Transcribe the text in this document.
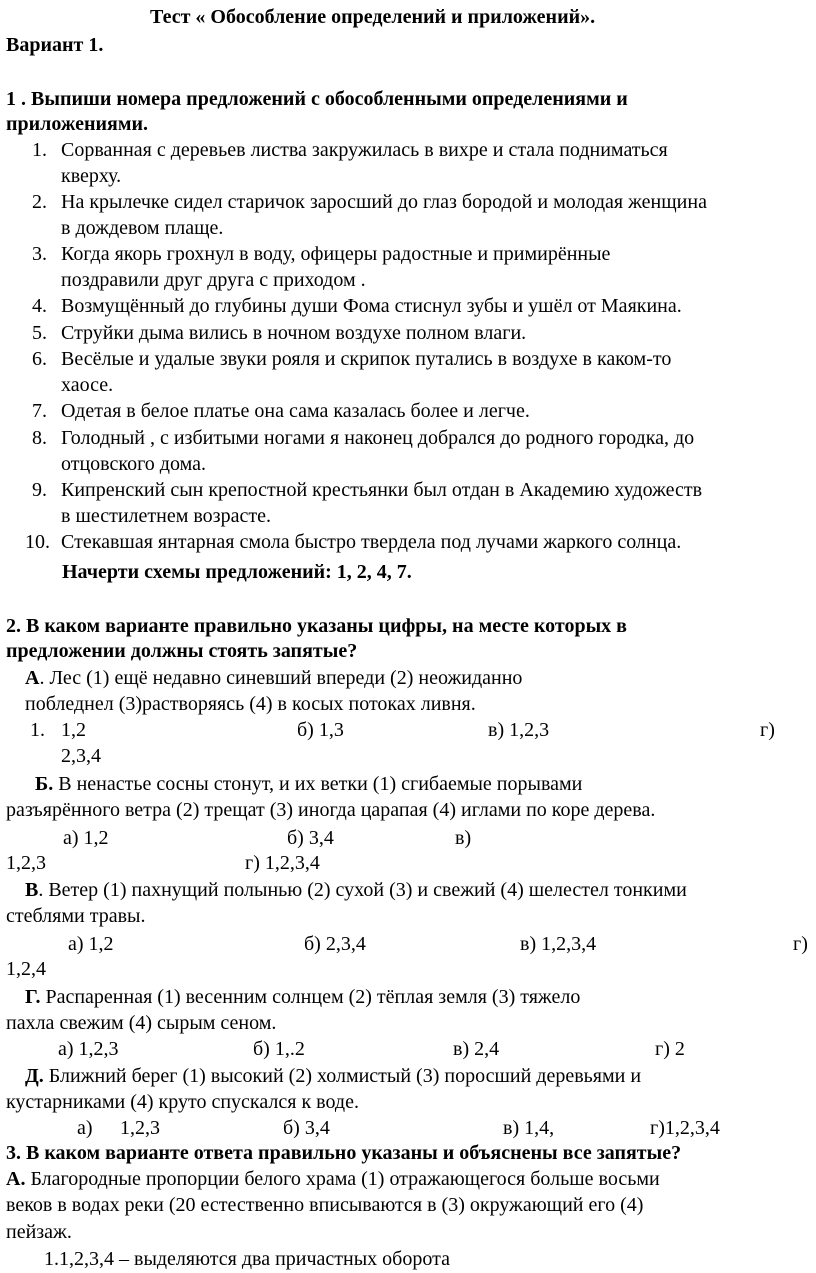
Тест « Обособление определений и приложений».
Вариант 1.
1 . Выпиши номера предложений с обособленными определениями и
приложениями.
1. Сорванная с деревьев листва закружилась в вихре и стала подниматься
кверху.
2. На крылечке сидел старичок заросший до глаз бородой и молодая женщина
в дождевом плаще.
3. Когда якорь грохнул в воду, офицеры радостные и примирённые
поздравили друг друга с приходом .
4. Возмущённый до глубины души Фома стиснул зубы и ушёл от Маякина.
5. Струйки дыма вились в ночном воздухе полном влаги.
6. Весёлые и удалые звуки рояля и скрипок путались в воздухе в каком-то
хаосе.
7. Одетая в белое платье она сама казалась более и легче.
8. Голодный , с избитыми ногами я наконец добрался до родного городка, до
отцовского дома.
9. Кипренский сын крепостной крестьянки был отдан в Академию художеств
в шестилетнем возрасте.
10. Стекавшая янтарная смола быстро твердела под лучами жаркого солнца.
Начерти схемы предложений: 1, 2, 4, 7.
2. В каком варианте правильно указаны цифры, на месте которых в
предложении должны стоять запятые?
А. Лес (1) ещё недавно синевший впереди (2) неожиданно
побледнел (3)растворяясь (4) в косых потоках ливня.
1. 1,2	б) 1,3	в) 1,2,3	г)
2,3,4
Б. В ненастье сосны стонут, и их ветки (1) сгибаемые порывами
разъярённого ветра (2) трещат (3) иногда царапая (4) иглами по коре дерева.
а) 1,2	б) 3,4	в)
1,2,3	г) 1,2,3,4
В. Ветер (1) пахнущий полынью (2) сухой (3) и свежий (4) шелестел тонкими
стеблями травы.
а) 1,2	б) 2,3,4	в) 1,2,3,4	г)
1,2,4
Г. Распаренная (1) весенним солнцем (2) тёплая земля (3) тяжело
пахла свежим (4) сырым сеном.
а) 1,2,3	б) 1,.2	в) 2,4	г) 2
Д. Ближний берег (1) высокий (2) холмистый (3) поросший деревьями и
кустарниками (4) круто спускался к воде.
а) 1,2,3	б) 3,4	в) 1,4,	г)1,2,3,4
3. В каком варианте ответа правильно указаны и объяснены все запятые?
А. Благородные пропорции белого храма (1) отражающегося больше восьми
веков в водах реки (20 естественно вписываются в (3) окружающий его (4)
пейзаж.
1.1,2,3,4 – выделяются два причастных оборота
